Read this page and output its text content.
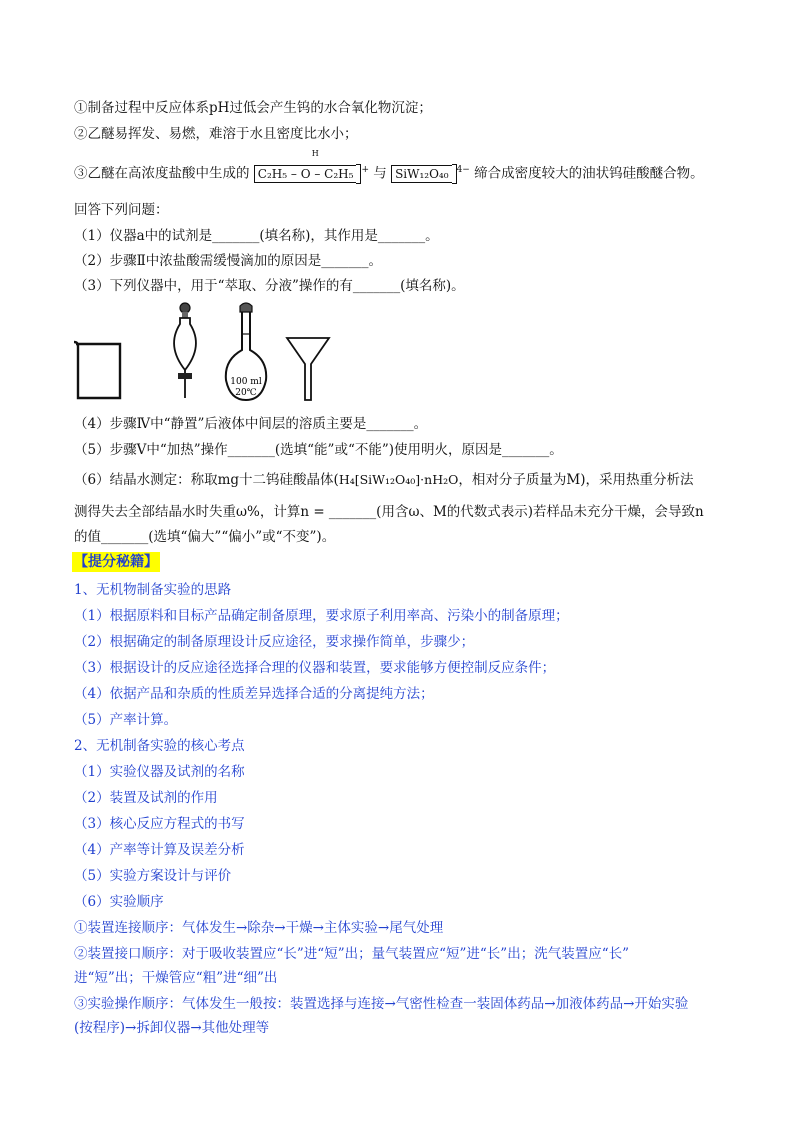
①制备过程中反应体系pH过低会产生钨的水合氧化物沉淀；
②乙醚易挥发、易燃，难溶于水且密度比水小；
③乙醚在高浓度盐酸中生成的
H
C₂H₅ – O – C₂H₅ + 与 SiW₁₂O₄₀ $^{4-}$ 缔合成密度较大的油状钨硅酸醚合物。
回答下列问题：
（1）仪器a中的试剂是_______(填名称)，其作用是_______。
（2）步骤Ⅱ中浓盐酸需缓慢滴加的原因是_______。
（3）下列仪器中，用于“萃取、分液”操作的有_______(填名称)。
100 ml
20℃
（4）步骤Ⅳ中“静置”后液体中间层的溶质主要是_______。
（5）步骤Ⅴ中“加热”操作_______(选填“能”或“不能”)使用明火，原因是_______。
（6）结晶水测定：称取mg十二钨硅酸晶体(H₄[SiW₁₂O₄₀]·nH₂O，相对分子质量为M)，采用热重分析法
测得失去全部结晶水时失重ω%，计算n = _______(用含ω、M的代数式表示)若样品未充分干燥，会导致n
的值_______(选填“偏大”“偏小”或“不变”)。
【提分秘籍】
1、无机物制备实验的思路
（1）根据原料和目标产品确定制备原理，要求原子利用率高、污染小的制备原理；
（2）根据确定的制备原理设计反应途径，要求操作简单，步骤少；
（3）根据设计的反应途径选择合理的仪器和装置，要求能够方便控制反应条件；
（4）依据产品和杂质的性质差异选择合适的分离提纯方法；
（5）产率计算。
2、无机制备实验的核心考点
（1）实验仪器及试剂的名称
（2）装置及试剂的作用
（3）核心反应方程式的书写
（4）产率等计算及误差分析
（5）实验方案设计与评价
（6）实验顺序
①装置连接顺序：气体发生→除杂→干燥→主体实验→尾气处理
②装置接口顺序：对于吸收装置应“长”进“短”出；量气装置应“短”进“长”出；洗气装置应“长”
进“短”出；干燥管应“粗”进“细”出
③实验操作顺序：气体发生一般按：装置选择与连接→气密性检查一装固体药品→加液体药品→开始实验
(按程序)→拆卸仪器→其他处理等
